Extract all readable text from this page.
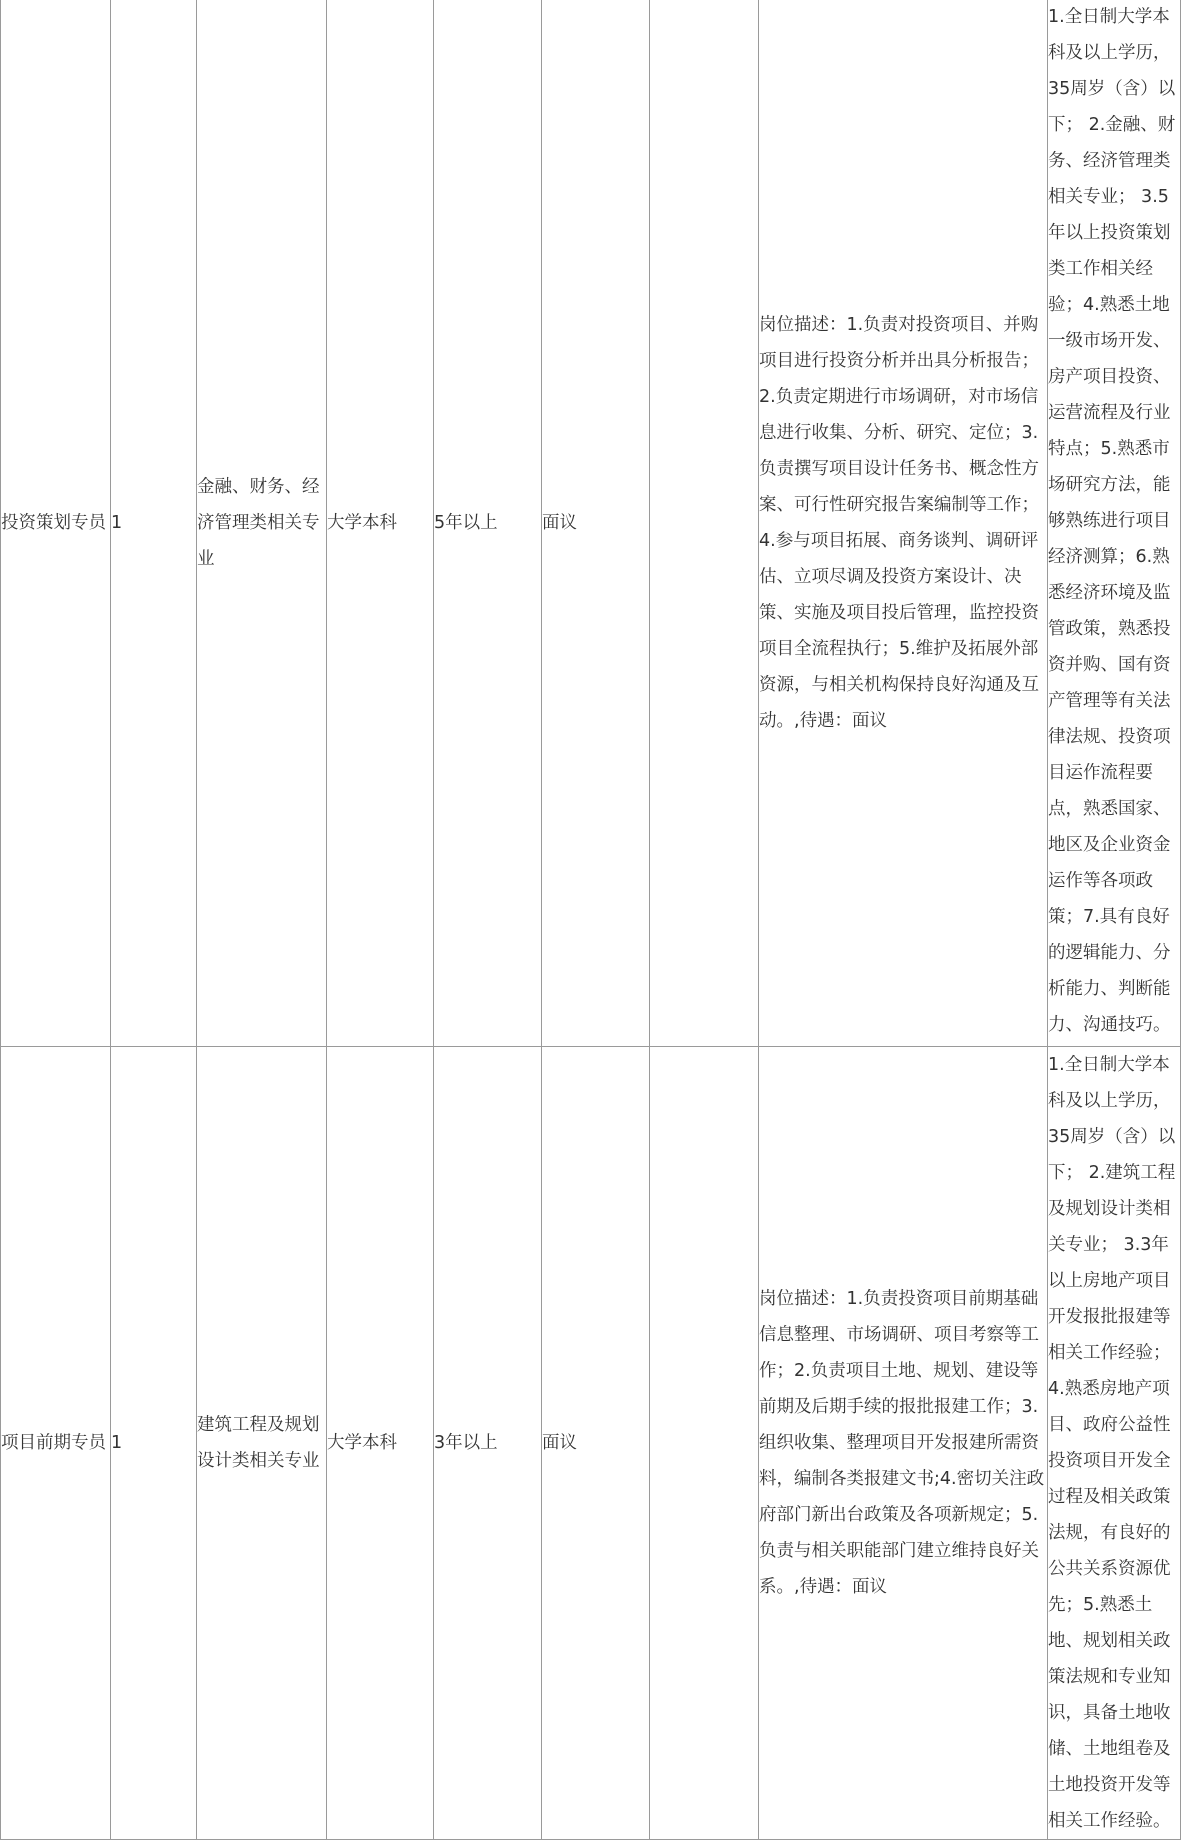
投资策划专员	1	金融、财务、经济管理类相关专业	大学本科	5年以上	面议		岗位描述：1.负责对投资项目、并购项目进行投资分析并出具分析报告；2.负责定期进行市场调研，对市场信息进行收集、分析、研究、定位；3.负责撰写项目设计任务书、概念性方案、可行性研究报告案编制等工作；4.参与项目拓展、商务谈判、调研评估、立项尽调及投资方案设计、决策、实施及项目投后管理，监控投资项目全流程执行；5.维护及拓展外部资源，与相关机构保持良好沟通及互动。,待遇：面议	1.全日制大学本科及以上学历，35周岁（含）以下； 2.金融、财务、经济管理类相关专业； 3.5年以上投资策划类工作相关经验；4.熟悉土地一级市场开发、房产项目投资、运营流程及行业特点；5.熟悉市场研究方法，能够熟练进行项目经济测算；6.熟悉经济环境及监管政策，熟悉投资并购、国有资产管理等有关法律法规、投资项目运作流程要点，熟悉国家、地区及企业资金运作等各项政策；7.具有良好的逻辑能力、分析能力、判断能力、沟通技巧。
项目前期专员	1	建筑工程及规划设计类相关专业	大学本科	3年以上	面议		岗位描述：1.负责投资项目前期基础信息整理、市场调研、项目考察等工作；2.负责项目土地、规划、建设等前期及后期手续的报批报建工作；3.组织收集、整理项目开发报建所需资料，编制各类报建文书;4.密切关注政府部门新出台政策及各项新规定；5.负责与相关职能部门建立维持良好关系。,待遇：面议	1.全日制大学本科及以上学历，35周岁（含）以下； 2.建筑工程及规划设计类相关专业； 3.3年以上房地产项目开发报批报建等相关工作经验；4.熟悉房地产项目、政府公益性投资项目开发全过程及相关政策法规，有良好的公共关系资源优先；5.熟悉土地、规划相关政策法规和专业知识，具备土地收储、土地组卷及土地投资开发等相关工作经验。
